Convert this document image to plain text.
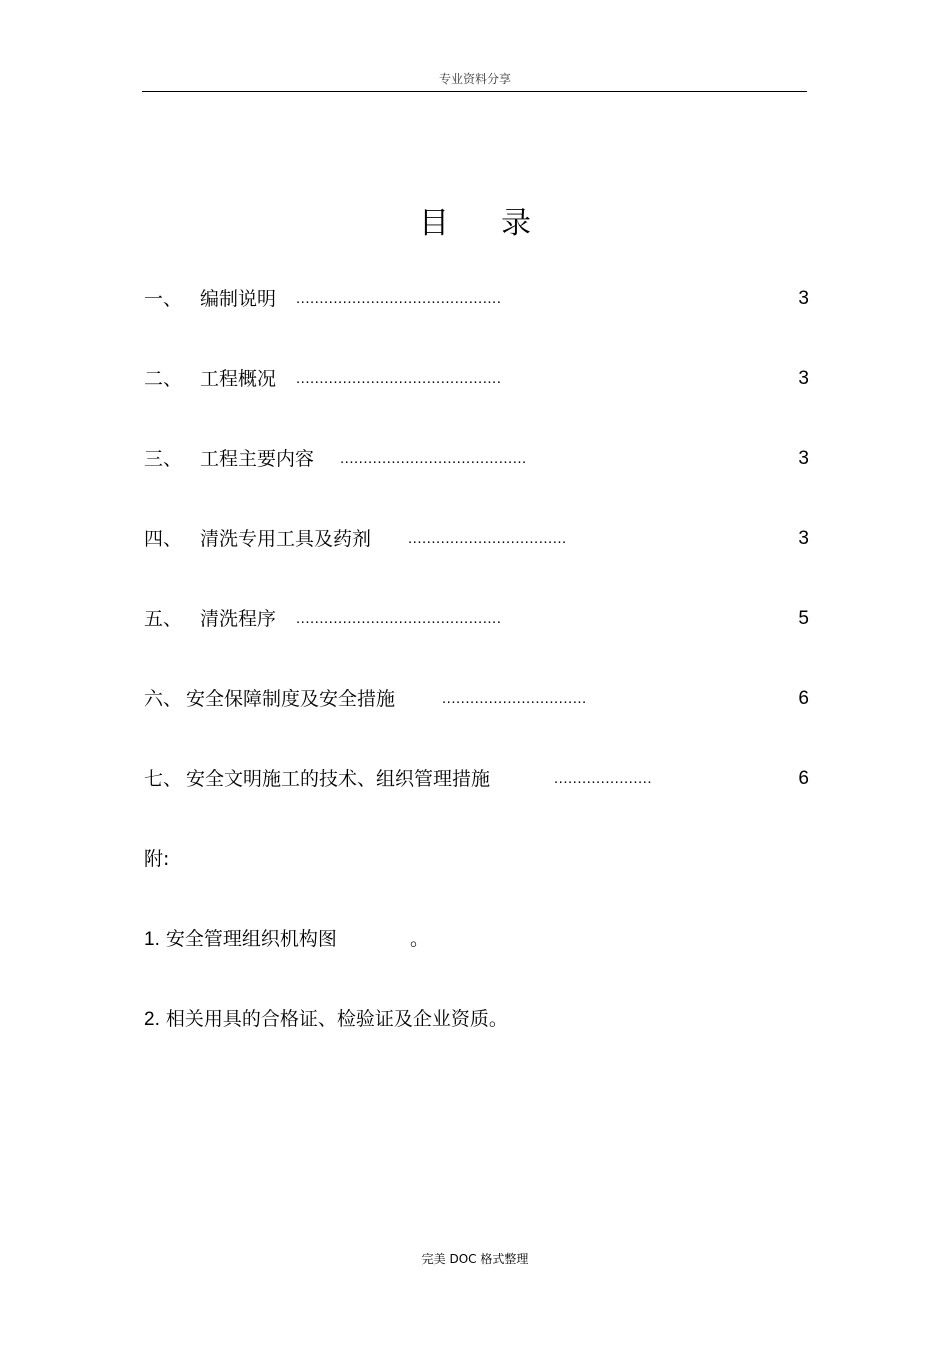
专业资料分享
目录
一、 编制说明 ............................................	3
二、 工程概况 ............................................	3
三、 工程主要内容 ........................................	3
四、 清洗专用工具及药剂 ..................................	3
五、 清洗程序 ............................................	5
六、 安全保障制度及安全措施	...............................	6
七、 安全文明施工的技术、组织管理措施	.....................	6
附:
1. 安全管理组织机构图	。
2. 相关用具的合格证、检验证及企业资质。
完美 DOC 格式整理
